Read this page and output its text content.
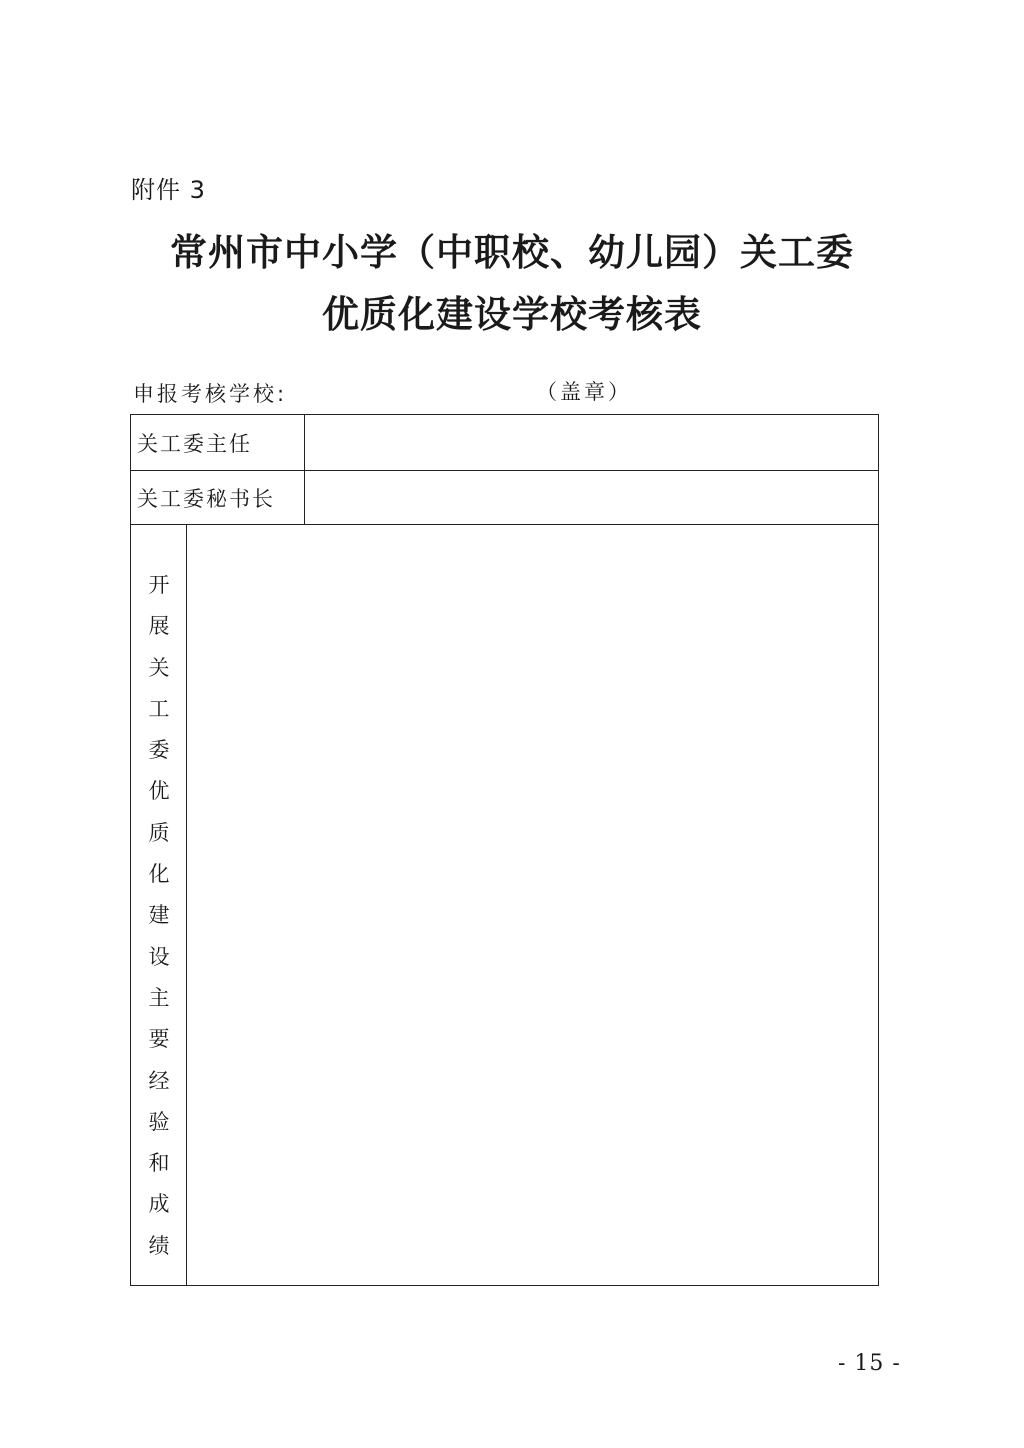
附件 3
常州市中小学（中职校、幼儿园）关工委
优质化建设学校考核表
申报考核学校:	（盖章）
关工委主任
关工委秘书长
开展关工委优质化建设主要经验和成绩
- 15 -
